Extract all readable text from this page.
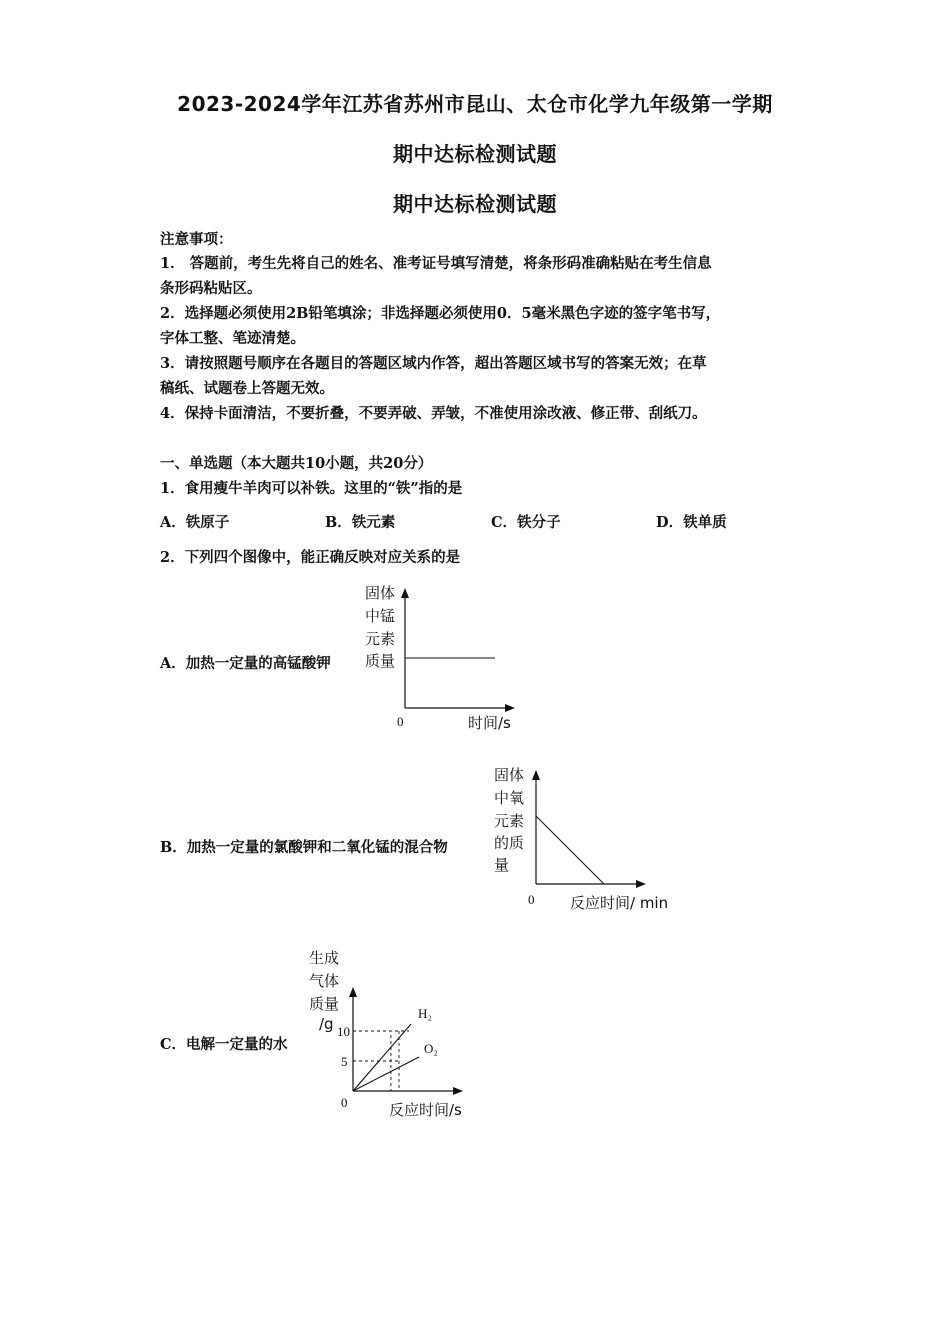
2023-2024学年江苏省苏州市昆山、太仓市化学九年级第一学期
期中达标检测试题
期中达标检测试题
注意事项：
1． 答题前，考生先将自己的姓名、准考证号填写清楚，将条形码准确粘贴在考生信息
条形码粘贴区。
2．选择题必须使用2B铅笔填涂；非选择题必须使用0．5毫米黑色字迹的签字笔书写，
字体工整、笔迹清楚。
3．请按照题号顺序在各题目的答题区域内作答，超出答题区域书写的答案无效；在草
稿纸、试题卷上答题无效。
4．保持卡面清洁，不要折叠，不要弄破、弄皱，不准使用涂改液、修正带、刮纸刀。
一、单选题（本大题共10小题，共20分）
1．食用瘦牛羊肉可以补铁。这里的“铁”指的是
A．铁原子	B．铁元素	C．铁分子	D．铁单质
2．下列四个图像中，能正确反映对应关系的是
A．加热一定量的高锰酸钾
B．加热一定量的氯酸钾和二氧化锰的混合物
C．电解一定量的水
固体
中锰
元素
质量
0	时间/s
固体
中氧
元素
的质
量
0 反应时间/ min
生成
气体
质量
/g 10
5
H₂
O₂
0	反应时间/s
